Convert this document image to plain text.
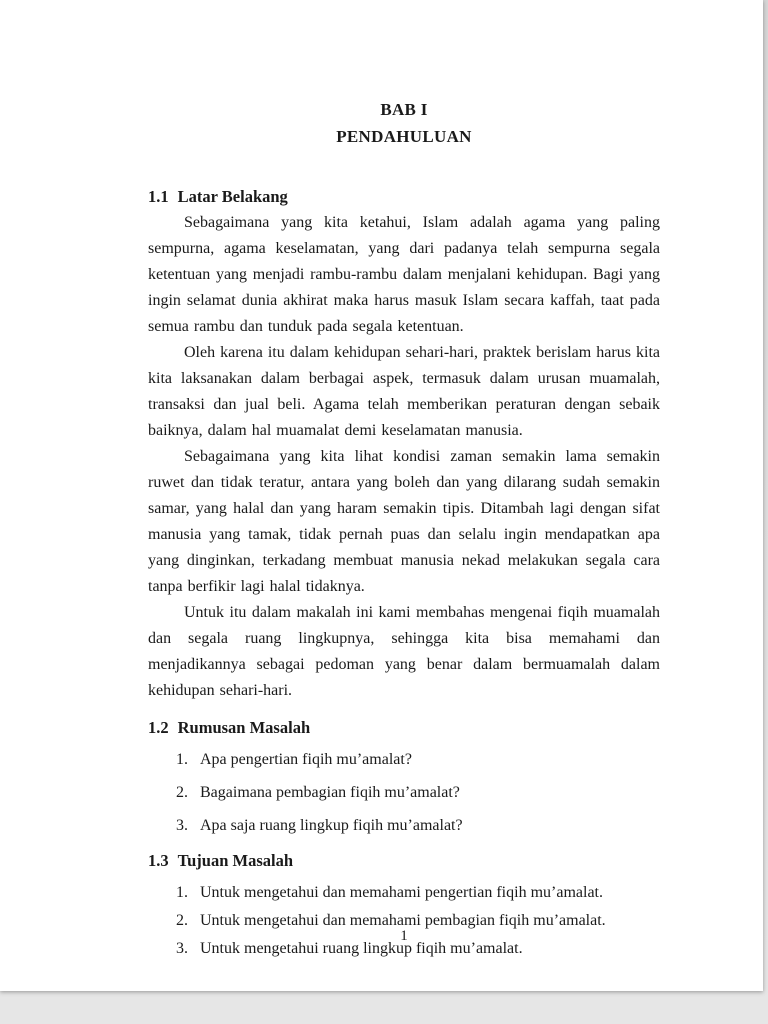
BAB I
PENDAHULUAN
1.1 Latar Belakang

Sebagaimana yang kita ketahui, Islam adalah agama yang paling sempurna, agama keselamatan, yang dari padanya telah sempurna segala ketentuan yang menjadi rambu-rambu dalam menjalani kehidupan. Bagi yang ingin selamat dunia akhirat maka harus masuk Islam secara kaffah, taat pada semua rambu dan tunduk pada segala ketentuan.

Oleh karena itu dalam kehidupan sehari-hari, praktek berislam harus kita kita laksanakan dalam berbagai aspek, termasuk dalam urusan muamalah, transaksi dan jual beli. Agama telah memberikan peraturan dengan sebaik baiknya, dalam hal muamalat demi keselamatan manusia.

Sebagaimana yang kita lihat kondisi zaman semakin lama semakin ruwet dan tidak teratur, antara yang boleh dan yang dilarang sudah semakin samar, yang halal dan yang haram semakin tipis. Ditambah lagi dengan sifat manusia yang tamak, tidak pernah puas dan selalu ingin mendapatkan apa yang dinginkan, terkadang membuat manusia nekad melakukan segala cara tanpa berfikir lagi halal tidaknya.

Untuk itu dalam makalah ini kami membahas mengenai fiqih muamalah dan segala ruang lingkupnya, sehingga kita bisa memahami dan menjadikannya sebagai pedoman yang benar dalam bermuamalah dalam kehidupan sehari-hari.

1.2 Rumusan Masalah
1. Apa pengertian fiqih mu’amalat?
2. Bagaimana pembagian fiqih mu’amalat?
3. Apa saja ruang lingkup fiqih mu’amalat?
1.3 Tujuan Masalah
1. Untuk mengetahui dan memahami pengertian fiqih mu’amalat.
2. Untuk mengetahui dan memahami pembagian fiqih mu’amalat.
3. Untuk mengetahui ruang lingkup fiqih mu’amalat.
1
